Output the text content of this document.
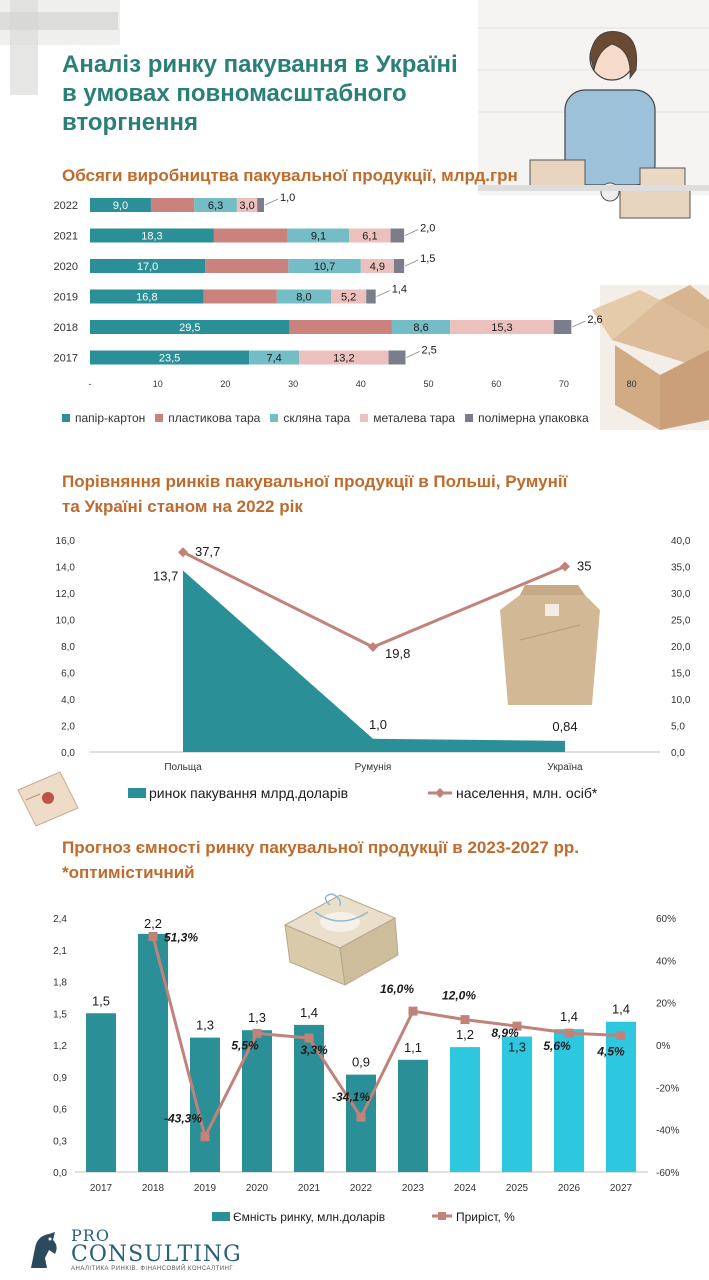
Аналіз ринку пакування в Україні
в умовах повномасштабного
вторгнення
Обсяги виробництва пакувальної продукції, млрд.грн
2022	9,0	6,3 3,0
1,0
2021	18,3	9,1	6,1
2,0
2020	17,0	10,7	4,9
1,5
2019	16,8	8,0	5,2
1,4
2018	29,5	8,6	15,3
2,6
2017	23,5	7,4	13,2
2,5
-	10	20	30	40	50	60	70	80
папір-картон пластикова тара скляна тара металева тара полімерна упаковка
Порівняння ринків пакувальної продукції в Польші, Румунії
та Україні станом на 2022 рік
0,0
2,0
4,0
6,0
8,0
10,0
12,0
14,0
16,0
0,0
5,0
10,0
15,0
20,0
25,0
30,0
35,0
40,0
13,7
1,0	0,84
37,7
19,8
35
Польща	Румунія	Україна
ринок пакування млрд.доларів	населення, млн. осіб*
Прогноз ємності ринку пакувальної продукції в 2023-2027 рр.
*оптимістичний
0,0
0,3
0,6
0,9
1,2
1,5
1,8
2,1
2,4
-60%
-40%
-20%
0%
20%
40%
60%
2017	2018	2019	2020	2021	2022	2023	2024	2025	2026	2027
1,5
2,2
1,3	1,3	1,4
0,9
1,1
1,2
1,3
1,4	1,4
51,3%
-43,3%
5,5%	3,3%
-34,1%
16,0% 12,0%
8,9%
5,6% 4,5%
Ємність ринку, млн.доларів	Приріст, %
PRO
CONSULTING
АНАЛІТИКА РИНКІВ. ФІНАНСОВИЙ КОНСАЛТИНГ
